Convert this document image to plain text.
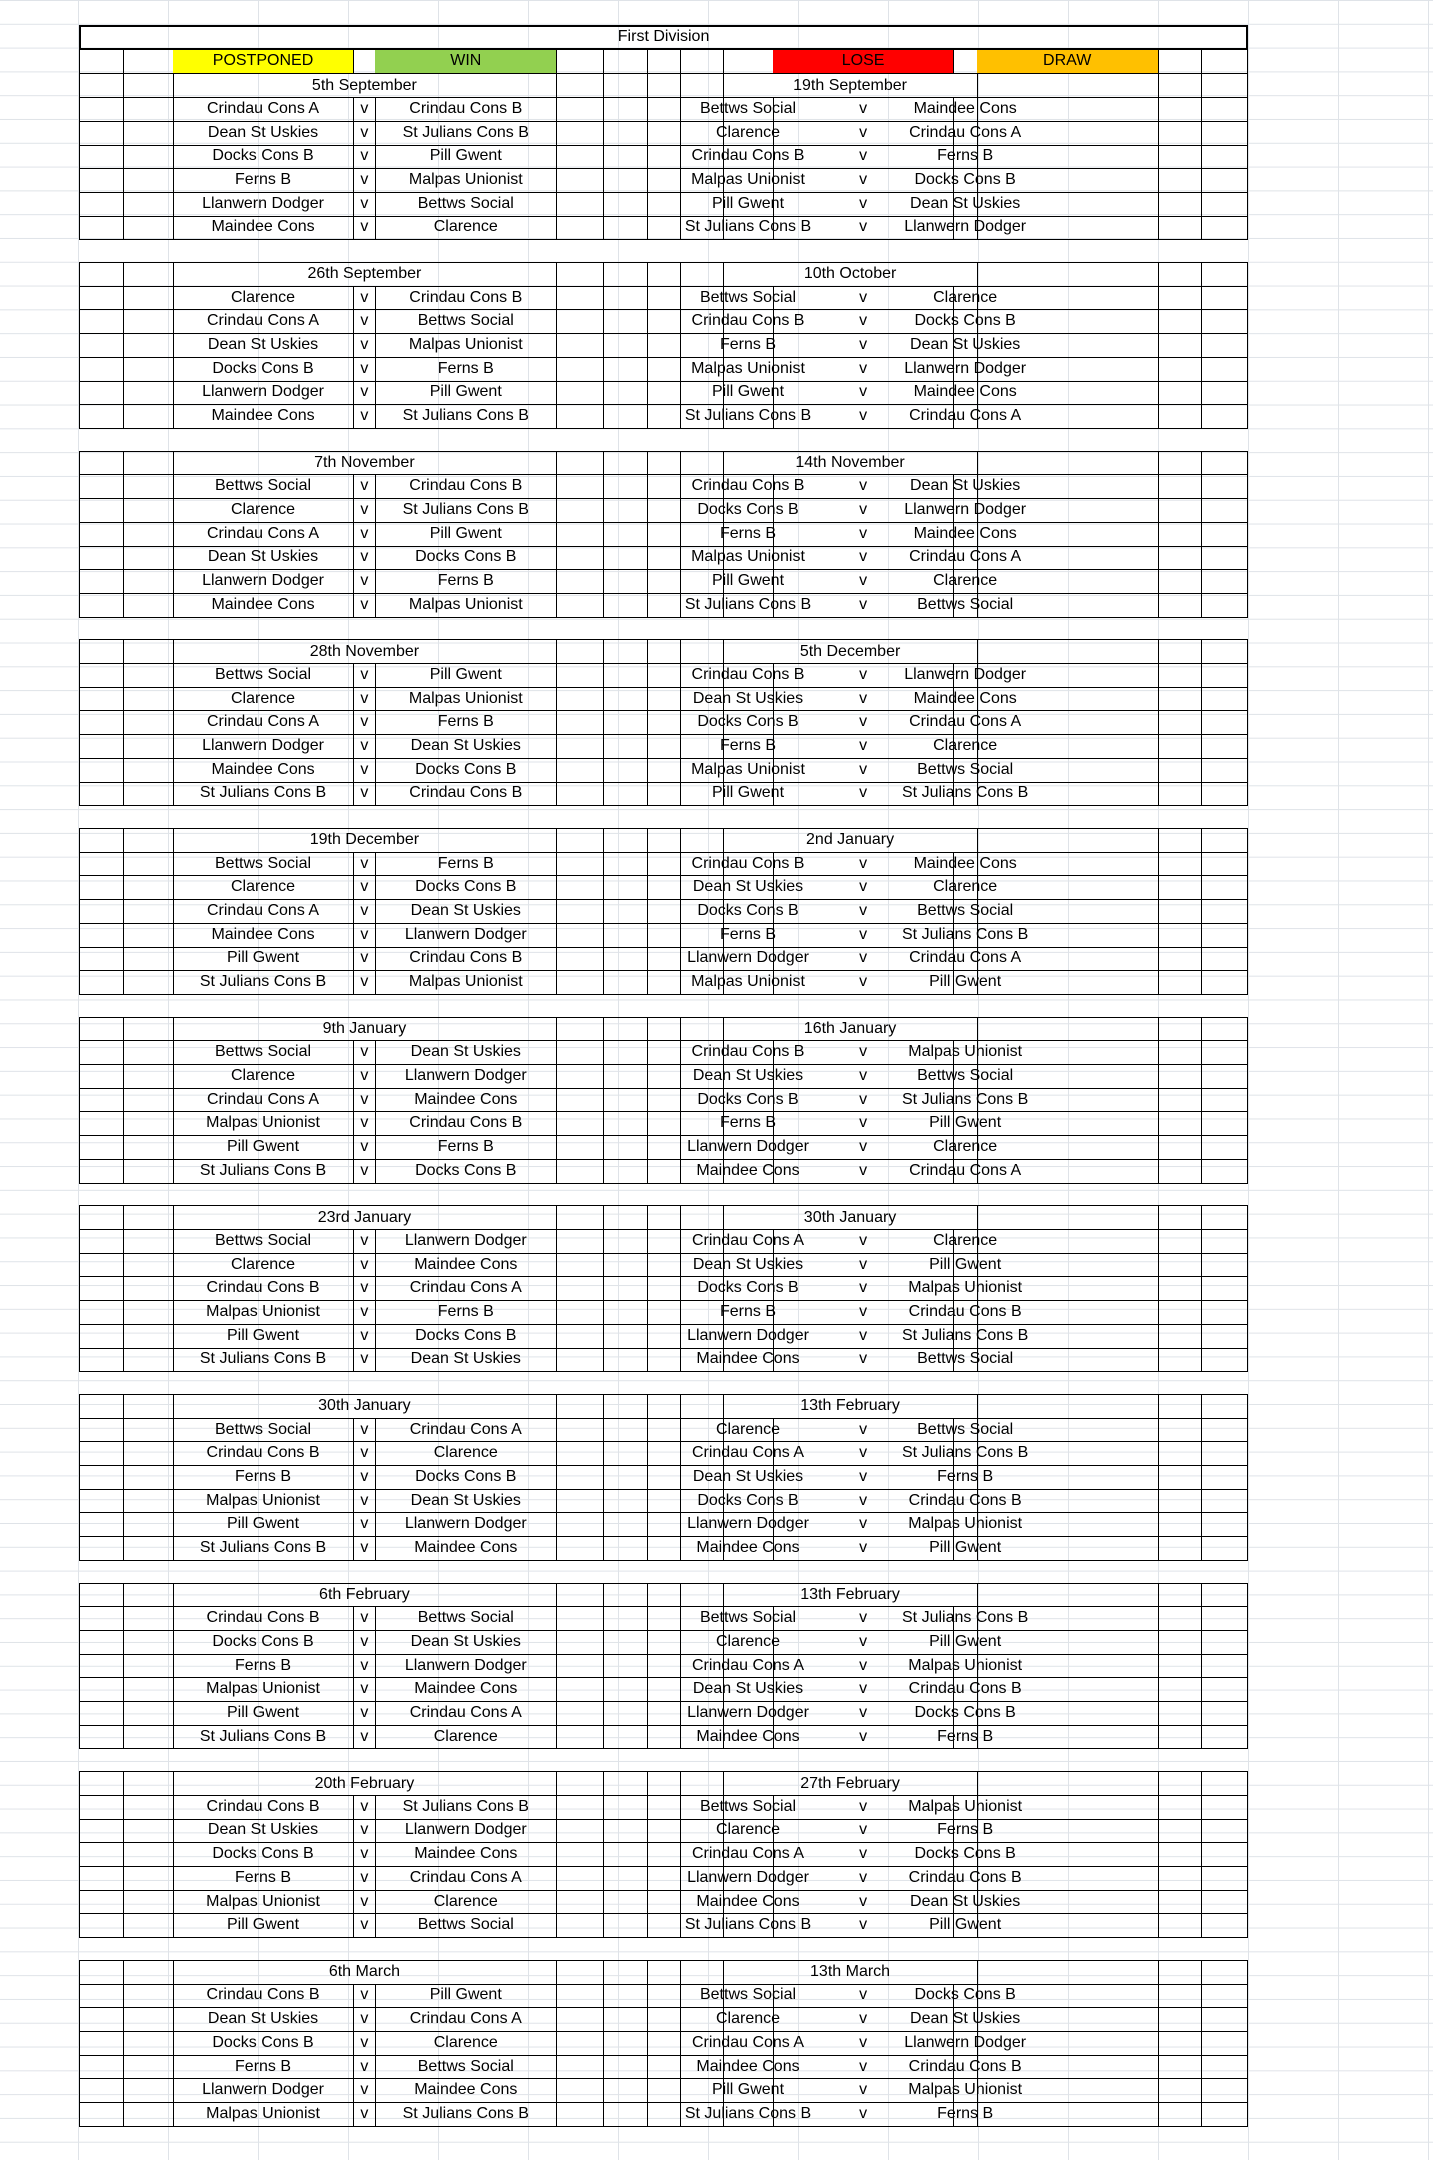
First Division
POSTPONED	WIN	LOSE	DRAW
5th September
Crindau Cons A	v	Crindau Cons B
Dean St Uskies	v	St Julians Cons B
Docks Cons B	v	Pill Gwent
Ferns B	v	Malpas Unionist
Llanwern Dodger	v	Bettws Social
Maindee Cons	v	Clarence
19th September
Bettws Social	v	Maindee Cons
Clarence	v	Crindau Cons A
Crindau Cons B	v	Ferns B
Malpas Unionist	v	Docks Cons B
Pill Gwent	v	Dean St Uskies
St Julians Cons B	v	Llanwern Dodger
26th September
Clarence	v	Crindau Cons B
Crindau Cons A	v	Bettws Social
Dean St Uskies	v	Malpas Unionist
Docks Cons B	v	Ferns B
Llanwern Dodger	v	Pill Gwent
Maindee Cons	v	St Julians Cons B
10th October
Bettws Social	v	Clarence
Crindau Cons B	v	Docks Cons B
Ferns B	v	Dean St Uskies
Malpas Unionist	v	Llanwern Dodger
Pill Gwent	v	Maindee Cons
St Julians Cons B	v	Crindau Cons A
7th November
Bettws Social	v	Crindau Cons B
Clarence	v	St Julians Cons B
Crindau Cons A	v	Pill Gwent
Dean St Uskies	v	Docks Cons B
Llanwern Dodger	v	Ferns B
Maindee Cons	v	Malpas Unionist
14th November
Crindau Cons B	v	Dean St Uskies
Docks Cons B	v	Llanwern Dodger
Ferns B	v	Maindee Cons
Malpas Unionist	v	Crindau Cons A
Pill Gwent	v	Clarence
St Julians Cons B	v	Bettws Social
28th November
Bettws Social	v	Pill Gwent
Clarence	v	Malpas Unionist
Crindau Cons A	v	Ferns B
Llanwern Dodger	v	Dean St Uskies
Maindee Cons	v	Docks Cons B
St Julians Cons B	v	Crindau Cons B
5th December
Crindau Cons B	v	Llanwern Dodger
Dean St Uskies	v	Maindee Cons
Docks Cons B	v	Crindau Cons A
Ferns B	v	Clarence
Malpas Unionist	v	Bettws Social
Pill Gwent	v	St Julians Cons B
19th December
Bettws Social	v	Ferns B
Clarence	v	Docks Cons B
Crindau Cons A	v	Dean St Uskies
Maindee Cons	v	Llanwern Dodger
Pill Gwent	v	Crindau Cons B
St Julians Cons B	v	Malpas Unionist
2nd January
Crindau Cons B	v	Maindee Cons
Dean St Uskies	v	Clarence
Docks Cons B	v	Bettws Social
Ferns B	v	St Julians Cons B
Llanwern Dodger	v	Crindau Cons A
Malpas Unionist	v	Pill Gwent
9th January
Bettws Social	v	Dean St Uskies
Clarence	v	Llanwern Dodger
Crindau Cons A	v	Maindee Cons
Malpas Unionist	v	Crindau Cons B
Pill Gwent	v	Ferns B
St Julians Cons B	v	Docks Cons B
16th January
Crindau Cons B	v	Malpas Unionist
Dean St Uskies	v	Bettws Social
Docks Cons B	v	St Julians Cons B
Ferns B	v	Pill Gwent
Llanwern Dodger	v	Clarence
Maindee Cons	v	Crindau Cons A
23rd January
Bettws Social	v	Llanwern Dodger
Clarence	v	Maindee Cons
Crindau Cons B	v	Crindau Cons A
Malpas Unionist	v	Ferns B
Pill Gwent	v	Docks Cons B
St Julians Cons B	v	Dean St Uskies
30th January
Crindau Cons A	v	Clarence
Dean St Uskies	v	Pill Gwent
Docks Cons B	v	Malpas Unionist
Ferns B	v	Crindau Cons B
Llanwern Dodger	v	St Julians Cons B
Maindee Cons	v	Bettws Social
30th January
Bettws Social	v	Crindau Cons A
Crindau Cons B	v	Clarence
Ferns B	v	Docks Cons B
Malpas Unionist	v	Dean St Uskies
Pill Gwent	v	Llanwern Dodger
St Julians Cons B	v	Maindee Cons
13th February
Clarence	v	Bettws Social
Crindau Cons A	v	St Julians Cons B
Dean St Uskies	v	Ferns B
Docks Cons B	v	Crindau Cons B
Llanwern Dodger	v	Malpas Unionist
Maindee Cons	v	Pill Gwent
6th February
Crindau Cons B	v	Bettws Social
Docks Cons B	v	Dean St Uskies
Ferns B	v	Llanwern Dodger
Malpas Unionist	v	Maindee Cons
Pill Gwent	v	Crindau Cons A
St Julians Cons B	v	Clarence
13th February
Bettws Social	v	St Julians Cons B
Clarence	v	Pill Gwent
Crindau Cons A	v	Malpas Unionist
Dean St Uskies	v	Crindau Cons B
Llanwern Dodger	v	Docks Cons B
Maindee Cons	v	Ferns B
20th February
Crindau Cons B	v	St Julians Cons B
Dean St Uskies	v	Llanwern Dodger
Docks Cons B	v	Maindee Cons
Ferns B	v	Crindau Cons A
Malpas Unionist	v	Clarence
Pill Gwent	v	Bettws Social
27th February
Bettws Social	v	Malpas Unionist
Clarence	v	Ferns B
Crindau Cons A	v	Docks Cons B
Llanwern Dodger	v	Crindau Cons B
Maindee Cons	v	Dean St Uskies
St Julians Cons B	v	Pill Gwent
6th March
Crindau Cons B	v	Pill Gwent
Dean St Uskies	v	Crindau Cons A
Docks Cons B	v	Clarence
Ferns B	v	Bettws Social
Llanwern Dodger	v	Maindee Cons
Malpas Unionist	v	St Julians Cons B
13th March
Bettws Social	v	Docks Cons B
Clarence	v	Dean St Uskies
Crindau Cons A	v	Llanwern Dodger
Maindee Cons	v	Crindau Cons B
Pill Gwent	v	Malpas Unionist
St Julians Cons B	v	Ferns B
